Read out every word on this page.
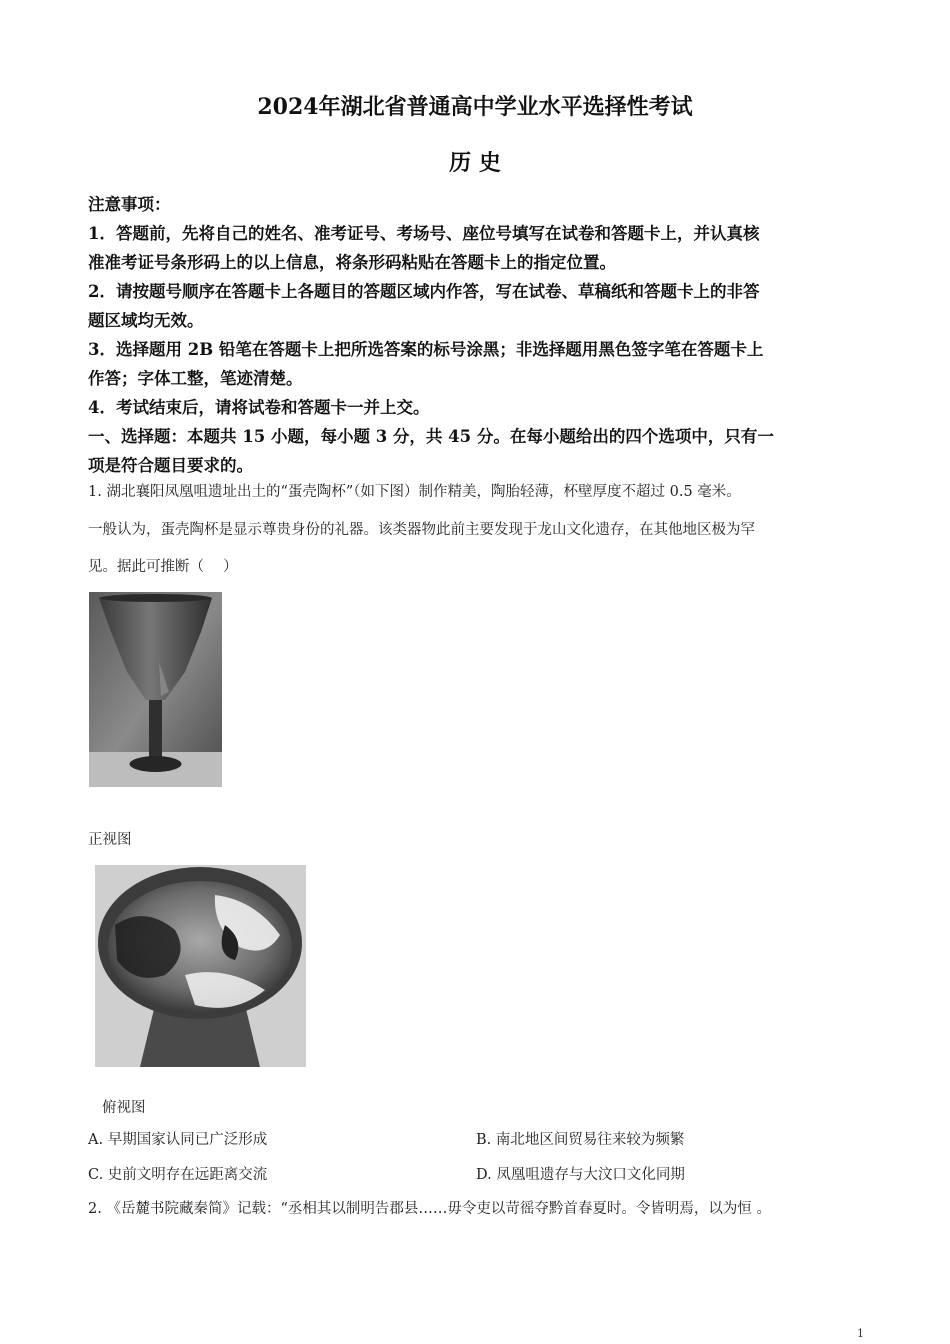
2024年湖北省普通高中学业水平选择性考试
历 史
注意事项：
1．答题前，先将自己的姓名、准考证号、考场号、座位号填写在试卷和答题卡上，并认真核
准准考证号条形码上的以上信息，将条形码粘贴在答题卡上的指定位置。
2．请按题号顺序在答题卡上各题目的答题区域内作答，写在试卷、草稿纸和答题卡上的非答
题区域均无效。
3．选择题用 2B 铅笔在答题卡上把所选答案的标号涂黑；非选择题用黑色签字笔在答题卡上
作答；字体工整，笔迹清楚。
4．考试结束后，请将试卷和答题卡一并上交。
一、选择题：本题共 15 小题，每小题 3 分，共 45 分。在每小题给出的四个选项中，只有一
项是符合题目要求的。
1. 湖北襄阳凤凰咀遗址出土的“蛋壳陶杯”（如下图）制作精美，陶胎轻薄，杯壁厚度不超过 0.5 毫米。
一般认为，蛋壳陶杯是显示尊贵身份的礼器。该类器物此前主要发现于龙山文化遗存，在其他地区极为罕
见。据此可推断（　 ）
正视图
俯视图
A. 早期国家认同已广泛形成	B. 南北地区间贸易往来较为频繁
C. 史前文明存在远距离交流	D. 凤凰咀遗存与大汶口文化同期
2. 《岳麓书院藏秦简》记载：“丞相其以制明告郡县……毋令吏以苛徭夺黔首春夏时。令皆明焉，以为恒 。
1
